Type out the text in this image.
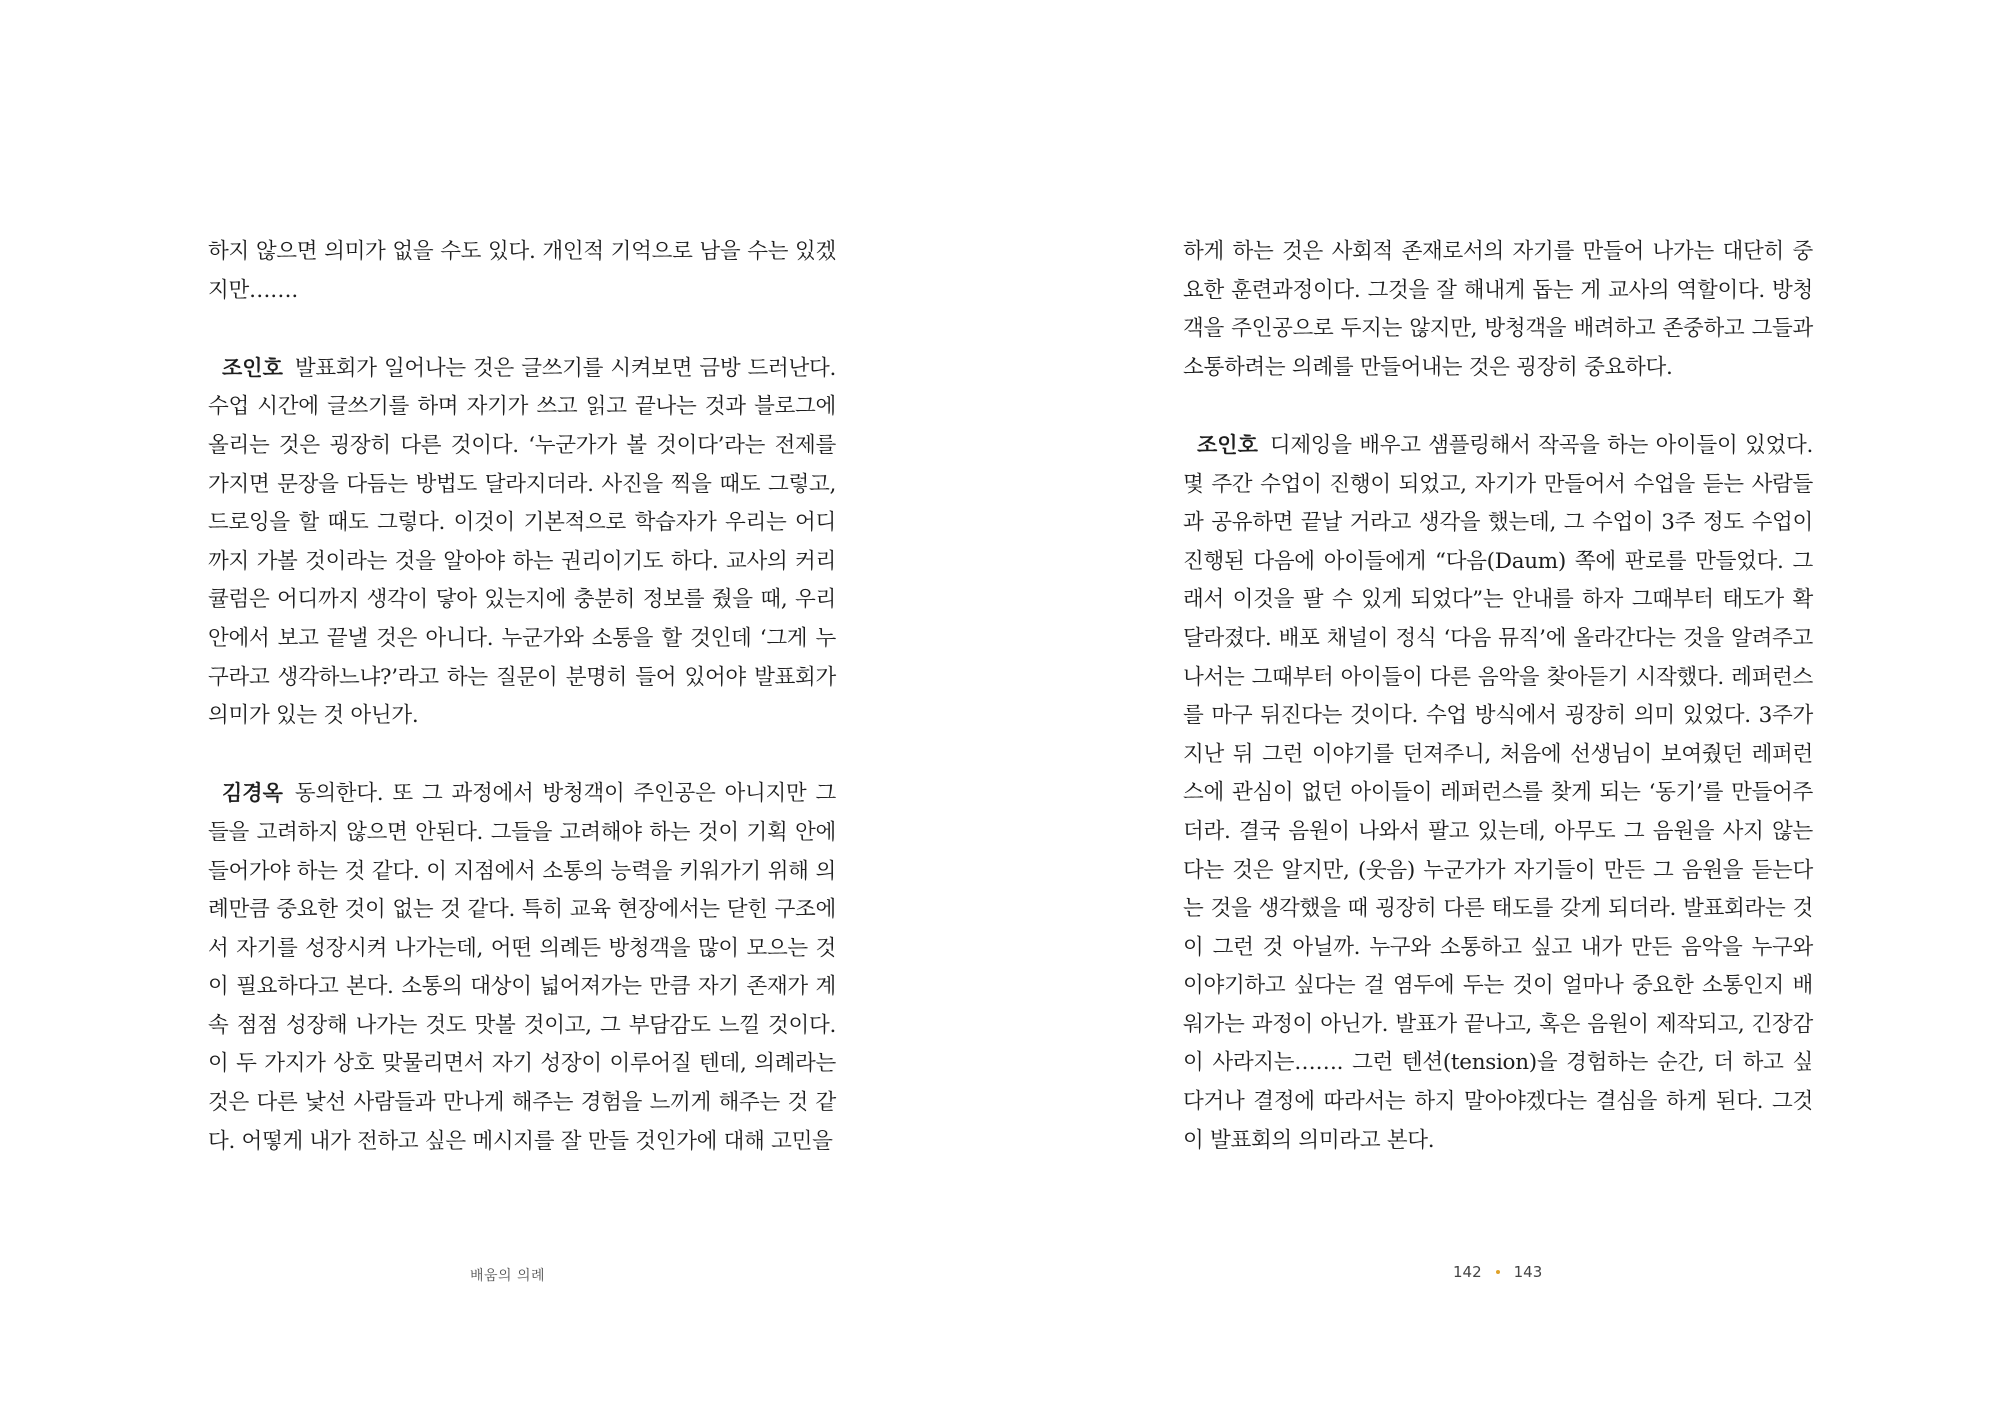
하지 않으면 의미가 없을 수도 있다. 개인적 기억으로 남을 수는 있겠지만…….

조인호 발표회가 일어나는 것은 글쓰기를 시켜보면 금방 드러난다. 수업 시간에 글쓰기를 하며 자기가 쓰고 읽고 끝나는 것과 블로그에 올리는 것은 굉장히 다른 것이다. ‘누군가가 볼 것이다’라는 전제를 가지면 문장을 다듬는 방법도 달라지더라. 사진을 찍을 때도 그렇고, 드로잉을 할 때도 그렇다. 이것이 기본적으로 학습자가 우리는 어디까지 가볼 것이라는 것을 알아야 하는 권리이기도 하다. 교사의 커리큘럼은 어디까지 생각이 닿아 있는지에 충분히 정보를 줬을 때, 우리 안에서 보고 끝낼 것은 아니다. 누군가와 소통을 할 것인데 ‘그게 누구라고 생각하느냐?’라고 하는 질문이 분명히 들어 있어야 발표회가 의미가 있는 것 아닌가.

김경옥 동의한다. 또 그 과정에서 방청객이 주인공은 아니지만 그들을 고려하지 않으면 안된다. 그들을 고려해야 하는 것이 기획 안에 들어가야 하는 것 같다. 이 지점에서 소통의 능력을 키워가기 위해 의례만큼 중요한 것이 없는 것 같다. 특히 교육 현장에서는 닫힌 구조에서 자기를 성장시켜 나가는데, 어떤 의례든 방청객을 많이 모으는 것이 필요하다고 본다. 소통의 대상이 넓어져가는 만큼 자기 존재가 계속 점점 성장해 나가는 것도 맛볼 것이고, 그 부담감도 느낄 것이다. 이 두 가지가 상호 맞물리면서 자기 성장이 이루어질 텐데, 의례라는 것은 다른 낯선 사람들과 만나게 해주는 경험을 느끼게 해주는 것 같다. 어떻게 내가 전하고 싶은 메시지를 잘 만들 것인가에 대해 고민을

배움의 의례

하게 하는 것은 사회적 존재로서의 자기를 만들어 나가는 대단히 중요한 훈련과정이다. 그것을 잘 해내게 돕는 게 교사의 역할이다. 방청객을 주인공으로 두지는 않지만, 방청객을 배려하고 존중하고 그들과 소통하려는 의례를 만들어내는 것은 굉장히 중요하다.

조인호 디제잉을 배우고 샘플링해서 작곡을 하는 아이들이 있었다. 몇 주간 수업이 진행이 되었고, 자기가 만들어서 수업을 듣는 사람들과 공유하면 끝날 거라고 생각을 했는데, 그 수업이 3주 정도 수업이 진행된 다음에 아이들에게 “다음(Daum) 쪽에 판로를 만들었다. 그래서 이것을 팔 수 있게 되었다”는 안내를 하자 그때부터 태도가 확 달라졌다. 배포 채널이 정식 ‘다음 뮤직’에 올라간다는 것을 알려주고 나서는 그때부터 아이들이 다른 음악을 찾아듣기 시작했다. 레퍼런스를 마구 뒤진다는 것이다. 수업 방식에서 굉장히 의미 있었다. 3주가 지난 뒤 그런 이야기를 던져주니, 처음에 선생님이 보여줬던 레퍼런스에 관심이 없던 아이들이 레퍼런스를 찾게 되는 ‘동기’를 만들어주더라. 결국 음원이 나와서 팔고 있는데, 아무도 그 음원을 사지 않는다는 것은 알지만, (웃음) 누군가가 자기들이 만든 그 음원을 듣는다는 것을 생각했을 때 굉장히 다른 태도를 갖게 되더라. 발표회라는 것이 그런 것 아닐까. 누구와 소통하고 싶고 내가 만든 음악을 누구와 이야기하고 싶다는 걸 염두에 두는 것이 얼마나 중요한 소통인지 배워가는 과정이 아닌가. 발표가 끝나고, 혹은 음원이 제작되고, 긴장감이 사라지는……. 그런 텐션(tension)을 경험하는 순간, 더 하고 싶다거나 결정에 따라서는 하지 말아야겠다는 결심을 하게 된다. 그것이 발표회의 의미라고 본다.

142 143
